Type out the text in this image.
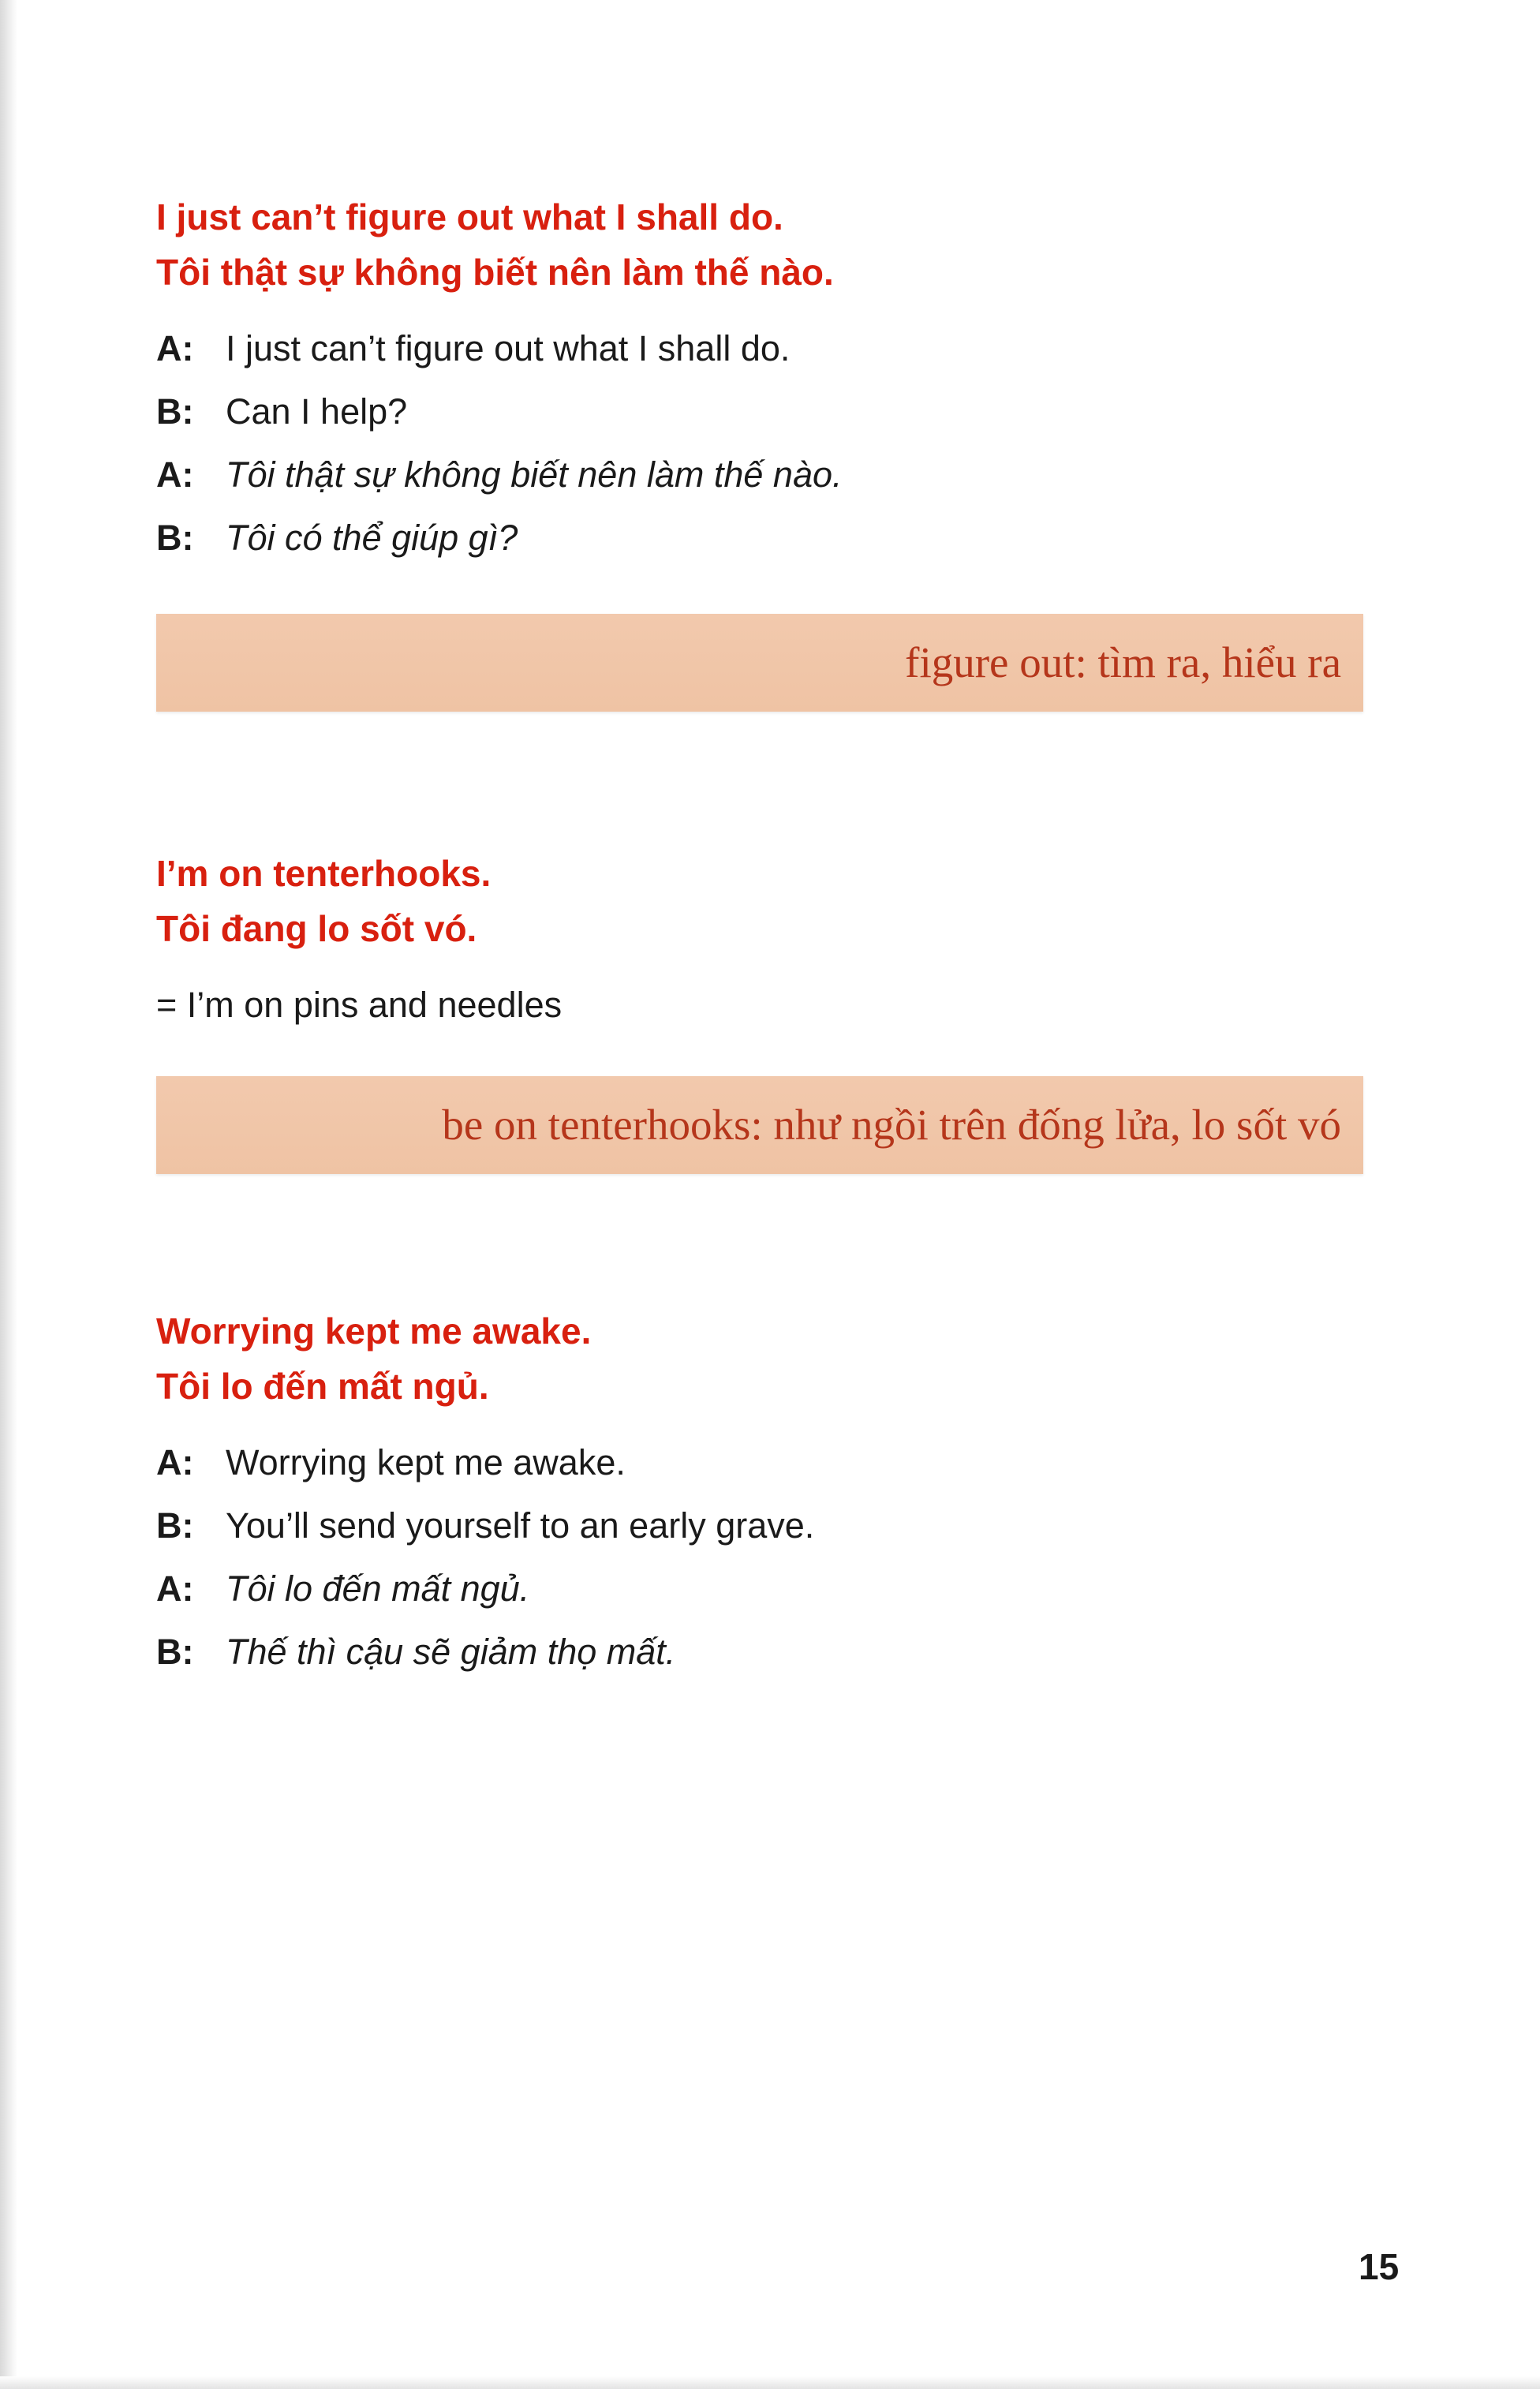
I just can’t figure out what I shall do.

Tôi thật sự không biết nên làm thế nào.

A: I just can’t figure out what I shall do.
B: Can I help?
A: Tôi thật sự không biết nên làm thế nào.
B: Tôi có thể giúp gì?
figure out: tìm ra, hiểu ra

I’m on tenterhooks.

Tôi đang lo sốt vó.

= I’m on pins and needles
be on tenterhooks: như ngồi trên đống lửa, lo sốt vó

Worrying kept me awake.

Tôi lo đến mất ngủ.

A: Worrying kept me awake.
B: You’ll send yourself to an early grave.
A: Tôi lo đến mất ngủ.
B: Thế thì cậu sẽ giảm thọ mất.
15
